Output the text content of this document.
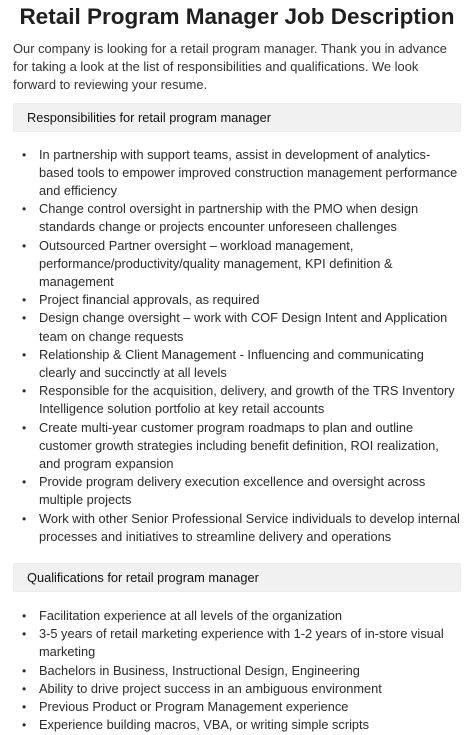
Retail Program Manager Job Description

Our company is looking for a retail program manager. Thank you in advance for taking a look at the list of responsibilities and qualifications. We look forward to reviewing your resume.

Responsibilities for retail program manager
• In partnership with support teams, assist in development of analytics-based tools to empower improved construction management performance and efficiency
• Change control oversight in partnership with the PMO when design standards change or projects encounter unforeseen challenges
• Outsourced Partner oversight – workload management, performance/productivity/quality management, KPI definition & management
• Project financial approvals, as required
• Design change oversight – work with COF Design Intent and Application team on change requests
• Relationship & Client Management - Influencing and communicating clearly and succinctly at all levels
• Responsible for the acquisition, delivery, and growth of the TRS Inventory Intelligence solution portfolio at key retail accounts
• Create multi-year customer program roadmaps to plan and outline customer growth strategies including benefit definition, ROI realization, and program expansion
• Provide program delivery execution excellence and oversight across multiple projects
• Work with other Senior Professional Service individuals to develop internal processes and initiatives to streamline delivery and operations
Qualifications for retail program manager
• Facilitation experience at all levels of the organization
• 3-5 years of retail marketing experience with 1-2 years of in-store visual marketing
• Bachelors in Business, Instructional Design, Engineering
• Ability to drive project success in an ambiguous environment
• Previous Product or Program Management experience
• Experience building macros, VBA, or writing simple scripts
